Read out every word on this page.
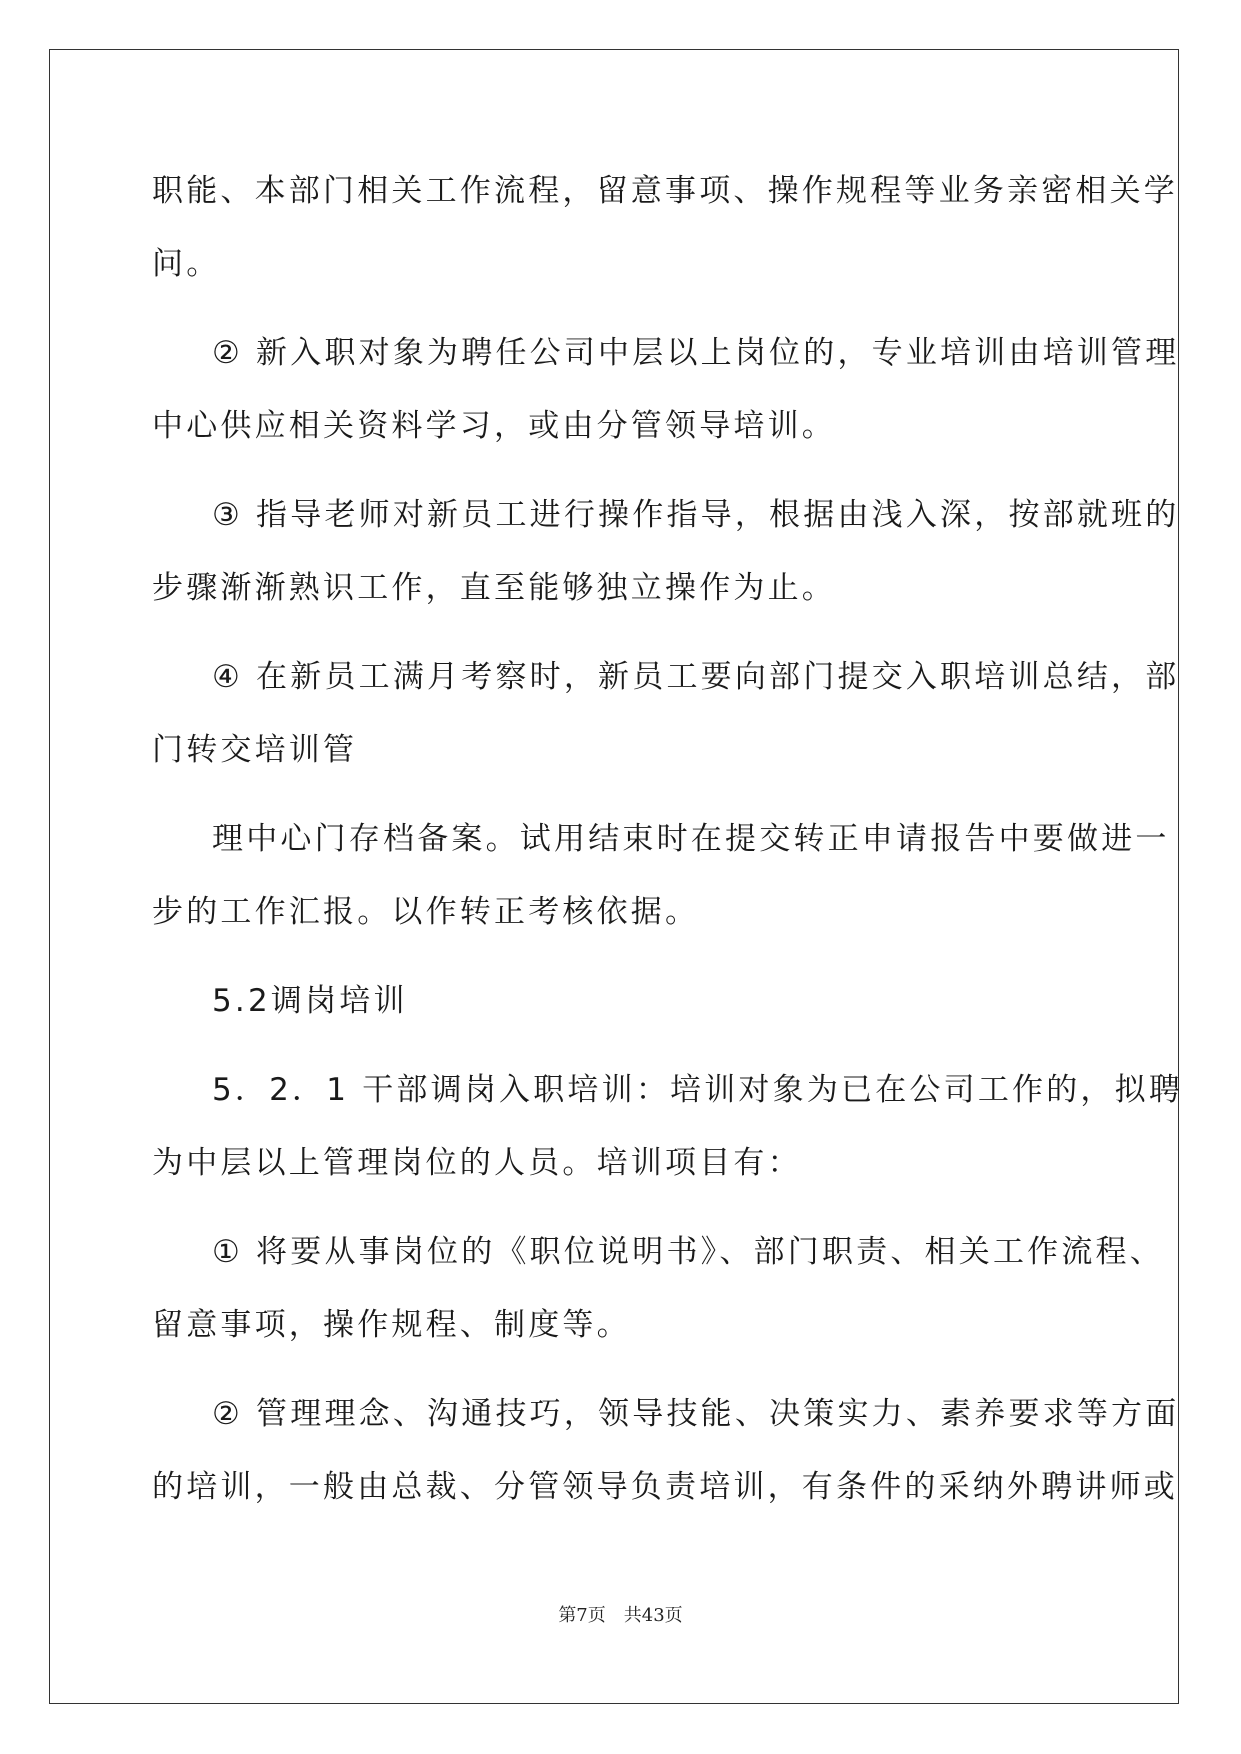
职能、本部门相关工作流程，留意事项、操作规程等业务亲密相关学
问。
② 新入职对象为聘任公司中层以上岗位的，专业培训由培训管理
中心供应相关资料学习，或由分管领导培训。
③ 指导老师对新员工进行操作指导，根据由浅入深，按部就班的
步骤渐渐熟识工作，直至能够独立操作为止。
④ 在新员工满月考察时，新员工要向部门提交入职培训总结，部
门转交培训管
理中心门存档备案。试用结束时在提交转正申请报告中要做进一
步的工作汇报。以作转正考核依据。
5.2调岗培训
5．2．1 干部调岗入职培训：培训对象为已在公司工作的，拟聘
为中层以上管理岗位的人员。培训项目有：
① 将要从事岗位的《职位说明书》、部门职责、相关工作流程、
留意事项，操作规程、制度等。
② 管理理念、沟通技巧，领导技能、决策实力、素养要求等方面
的培训，一般由总裁、分管领导负责培训，有条件的采纳外聘讲师或
第7页　共43页
